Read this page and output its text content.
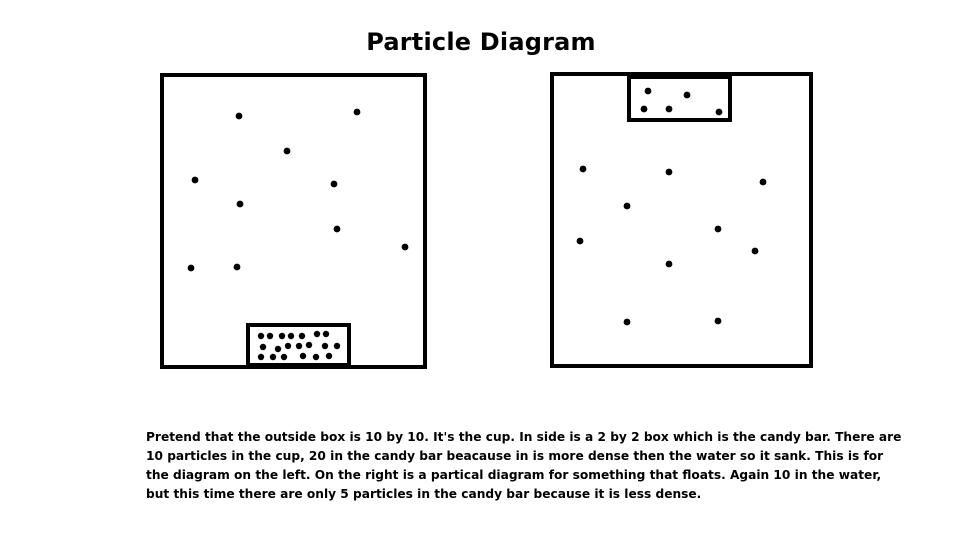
Particle Diagram

Pretend that the outside box is 10 by 10. It's the cup. In side is a 2 by 2 box which is the candy bar. There are 10 particles in the cup, 20 in the candy bar beacause in is more dense then the water so it sank. This is for the diagram on the left. On the right is a partical diagram for something that floats. Again 10 in the water, but this time there are only 5 particles in the candy bar because it is less dense.
